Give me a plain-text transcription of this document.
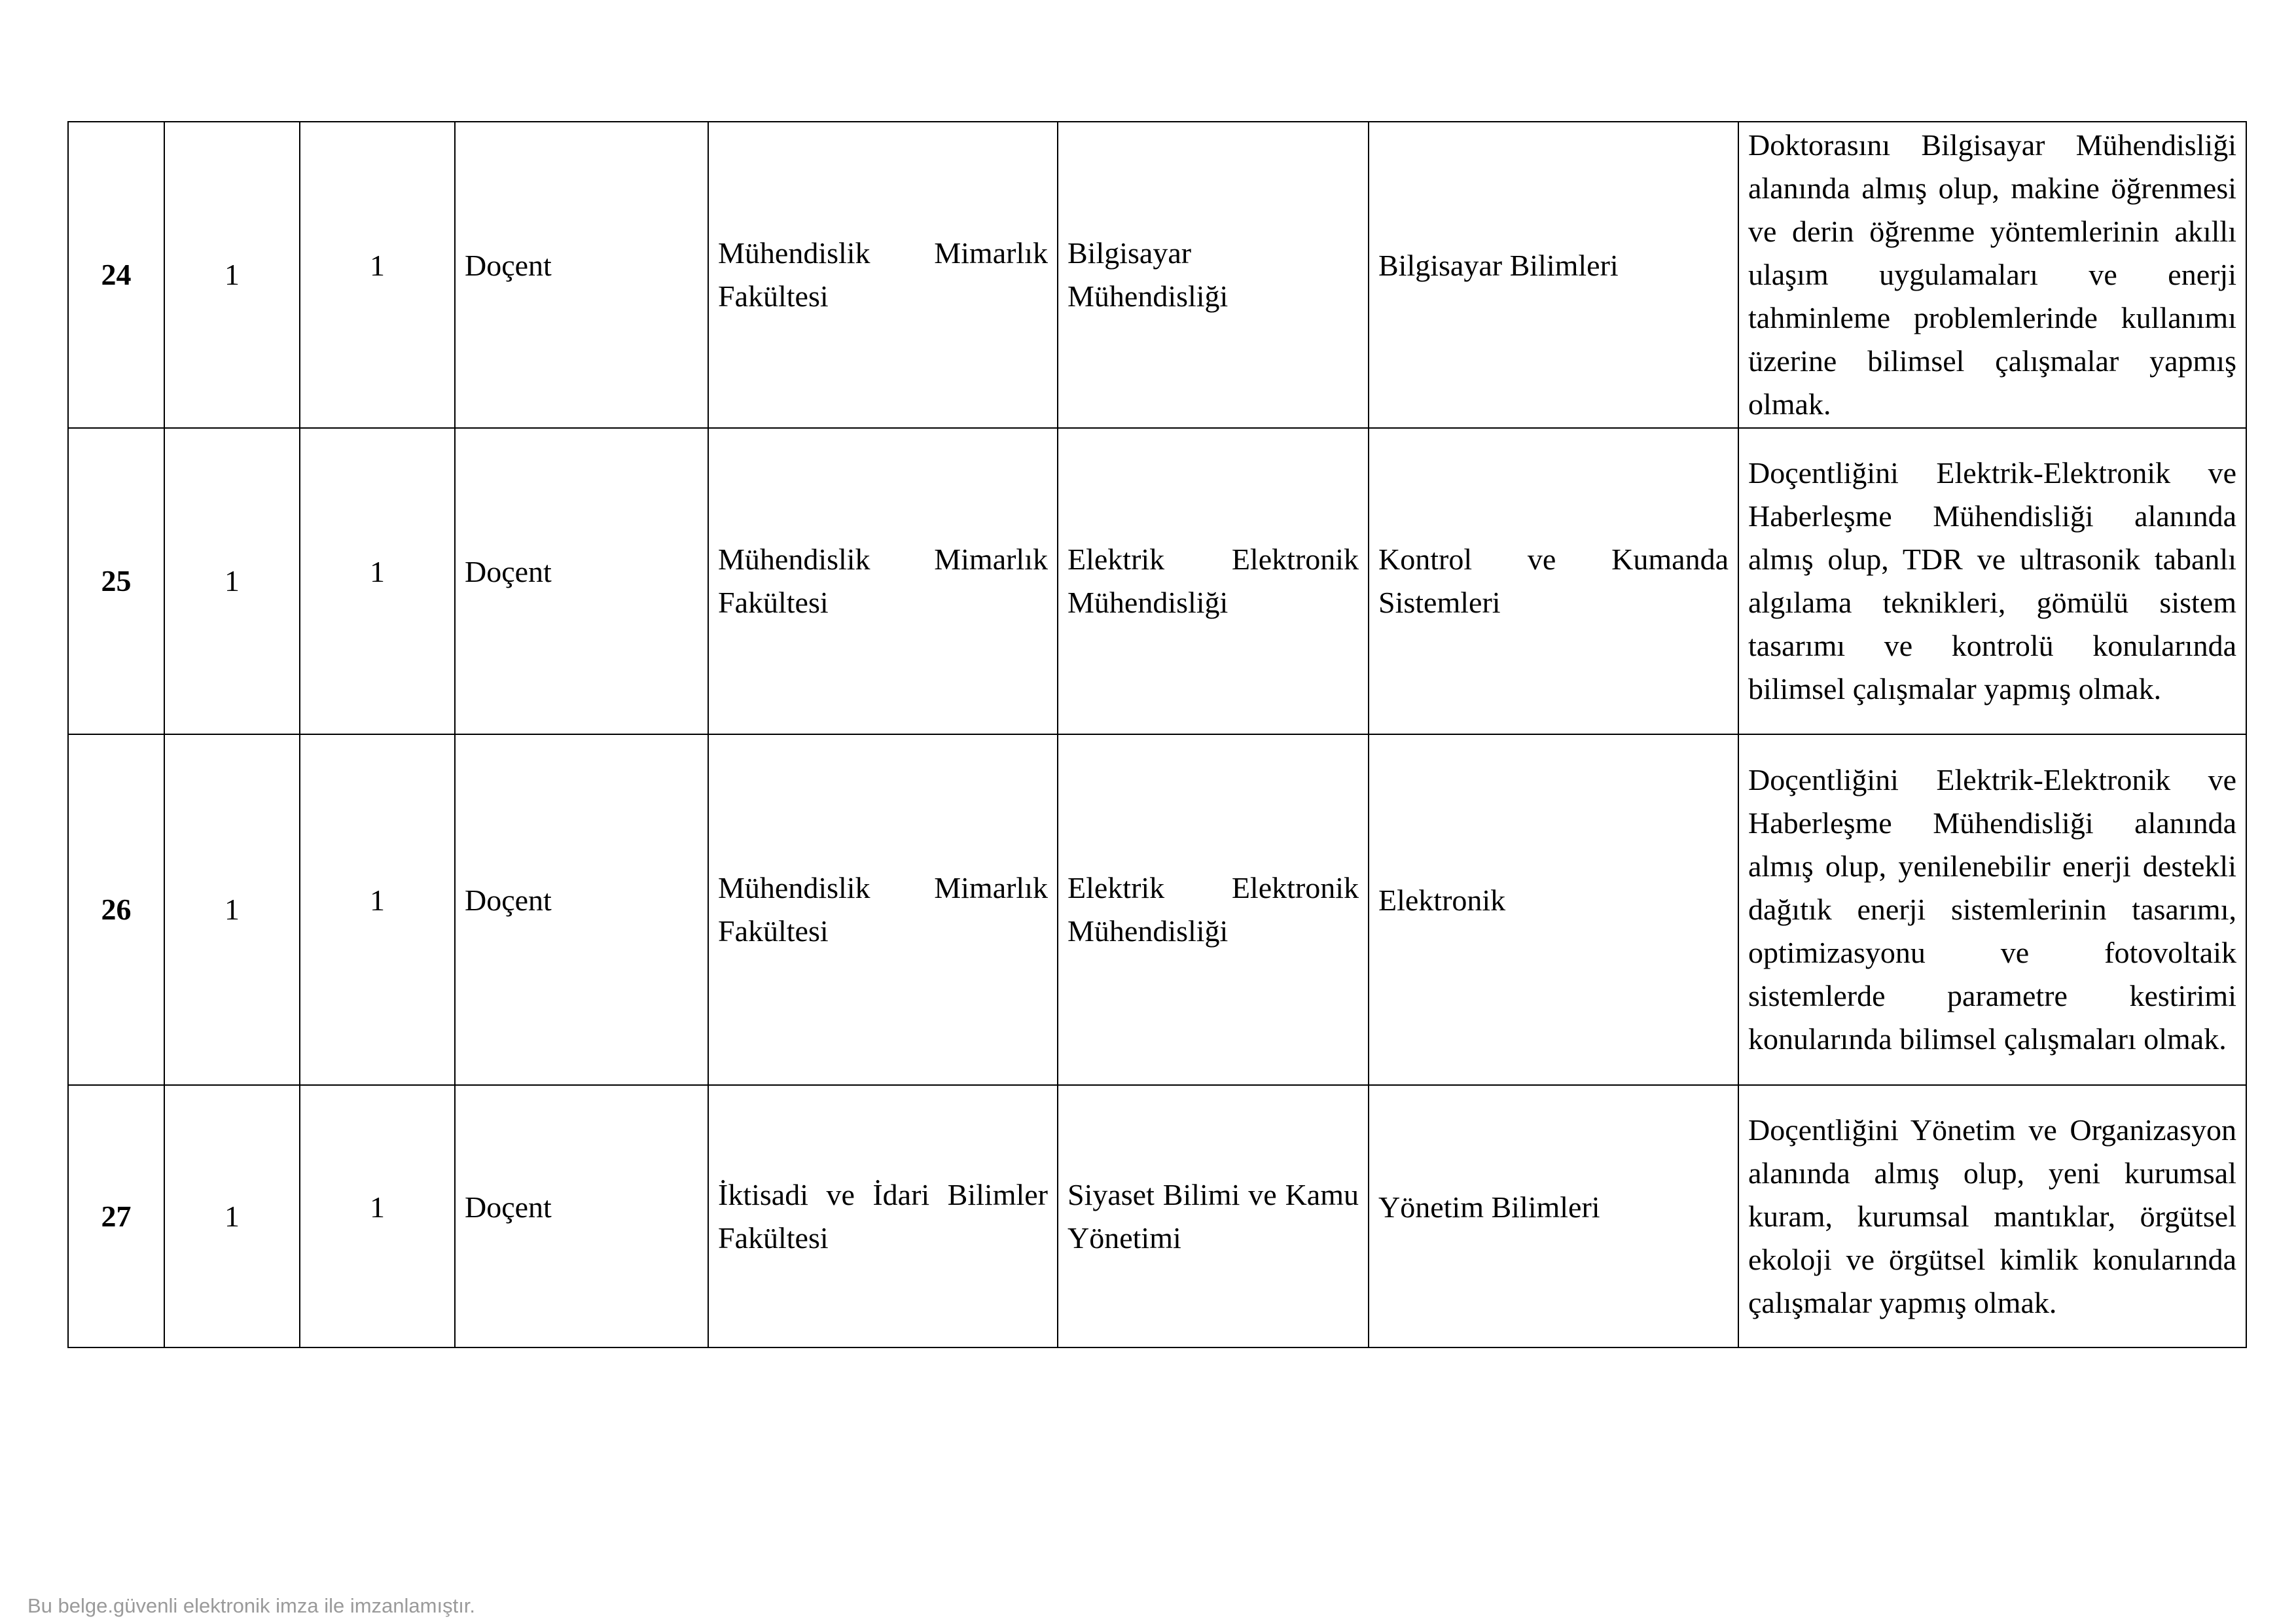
24	1	1	Doçent	Mühendislik Mimarlık Fakültesi	Bilgisayar Mühendisliği	Bilgisayar Bilimleri	Doktorasını Bilgisayar Mühendisliği alanında almış olup, makine öğrenmesi ve derin öğrenme yöntemlerinin akıllı ulaşım uygulamaları ve enerji tahminleme problemlerinde kullanımı üzerine bilimsel çalışmalar yapmış olmak.

25	1	1	Doçent	Mühendislik Mimarlık Fakültesi	Elektrik Elektronik Mühendisliği	Kontrol ve Kumanda Sistemleri	Doçentliğini Elektrik-Elektronik ve Haberleşme Mühendisliği alanında almış olup, TDR ve ultrasonik tabanlı algılama teknikleri, gömülü sistem tasarımı ve kontrolü konularında bilimsel çalışmalar yapmış olmak.

26	1	1	Doçent	Mühendislik Mimarlık Fakültesi	Elektrik Elektronik Mühendisliği	Elektronik	Doçentliğini Elektrik-Elektronik ve Haberleşme Mühendisliği alanında almış olup, yenilenebilir enerji destekli dağıtık enerji sistemlerinin tasarımı, optimizasyonu ve fotovoltaik sistemlerde parametre kestirimi konularında bilimsel çalışmaları olmak.

27	1	1	Doçent	İktisadi ve İdari Bilimler Fakültesi	Siyaset Bilimi ve Kamu Yönetimi	Yönetim Bilimleri	Doçentliğini Yönetim ve Organizasyon alanında almış olup, yeni kurumsal kuram, kurumsal mantıklar, örgütsel ekoloji ve örgütsel kimlik konularında çalışmalar yapmış olmak.
Bu belge.güvenli elektronik imza ile imzanlamıştır.
